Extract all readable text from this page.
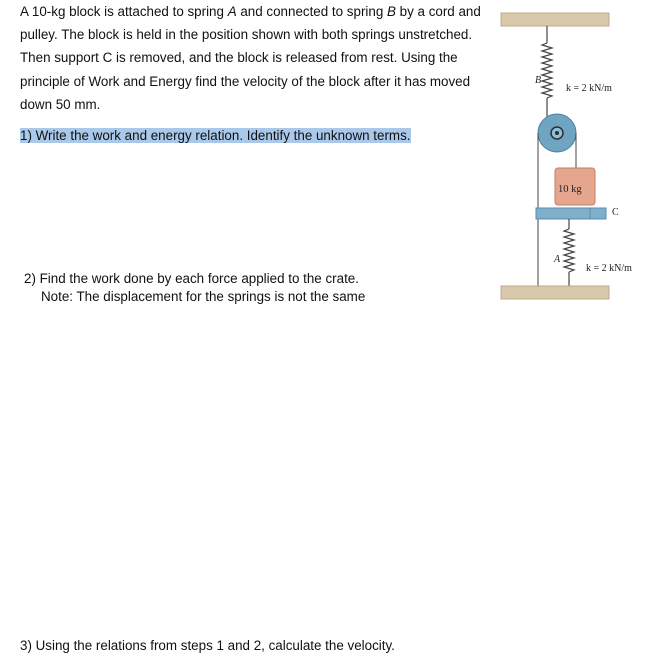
A 10-kg block is attached to spring A and connected to spring B by a cord and

pulley. The block is held in the position shown with both springs unstretched.

Then support C is removed, and the block is released from rest. Using the

principle of Work and Energy find the velocity of the block after it has moved

down 50 mm.

1) Write the work and energy relation. Identify the unknown terms.
2) Find the work done by each force applied to the crate.
Note: The displacement for the springs is not the same
3) Using the relations from steps 1 and 2, calculate the velocity.
B
k = 2 kN/m
10 kg
C
A
k = 2 kN/m
